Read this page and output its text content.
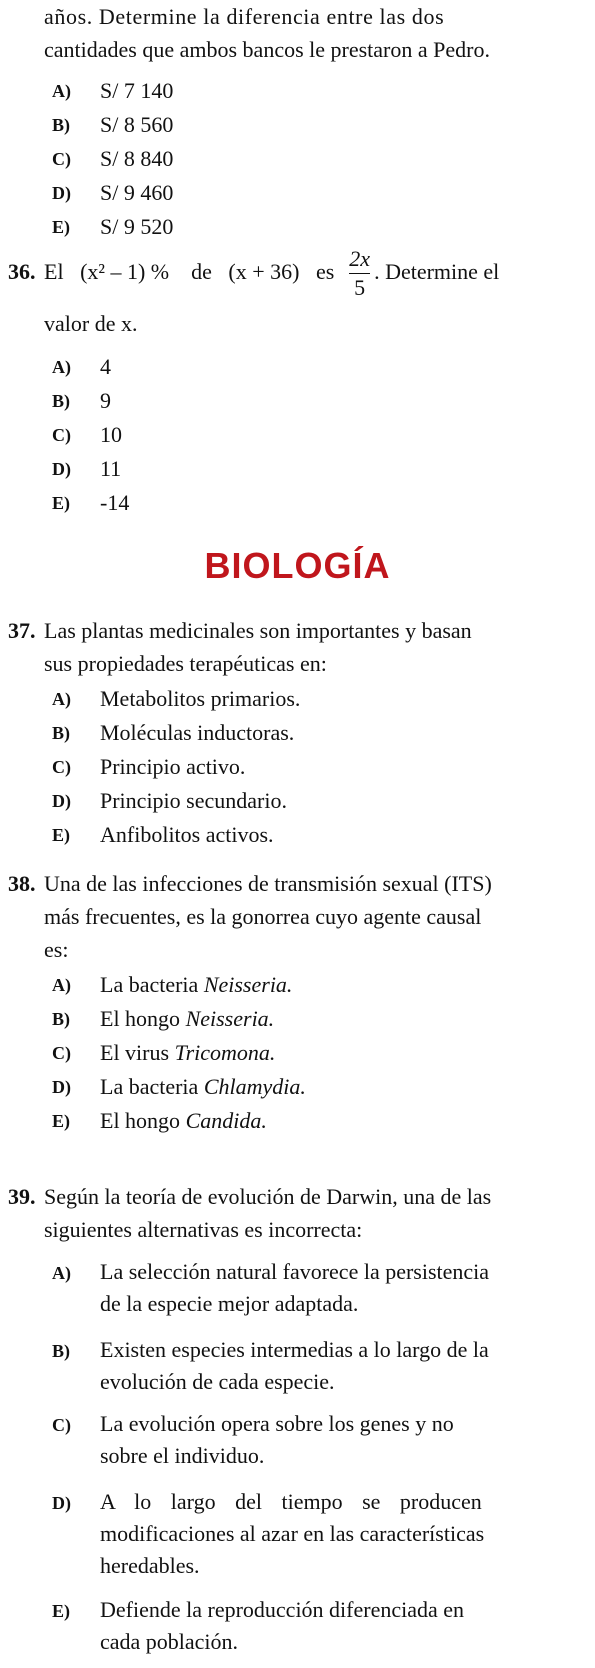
años. Determine la diferencia entre las dos
cantidades que ambos bancos le prestaron a Pedro.
A) S/ 7 140
B) S/ 8 560
C) S/ 8 840
D) S/ 9 460
E) S/ 9 520
36. El (x² – 1) % de (x + 36) es $\frac{2x}{5}$ . Determine el
valor de x.
A) 4
B) 9
C) 10
D) 11
E) -14
BIOLOGÍA
37. Las plantas medicinales son importantes y basan
sus propiedades terapéuticas en:
A) Metabolitos primarios.
B) Moléculas inductoras.
C) Principio activo.
D) Principio secundario.
E) Anfibolitos activos.
38. Una de las infecciones de transmisión sexual (ITS)
más frecuentes, es la gonorrea cuyo agente causal
es:
A) La bacteria Neisseria.
B) El hongo Neisseria.
C) El virus Tricomona.
D) La bacteria Chlamydia.
E) El hongo Candida.
39. Según la teoría de evolución de Darwin, una de las
siguientes alternativas es incorrecta:
A) La selección natural favorece la persistencia
de la especie mejor adaptada.
B) Existen especies intermedias a lo largo de la
evolución de cada especie.
C) La evolución opera sobre los genes y no
sobre el individuo.
D) A lo largo del tiempo se producen
modificaciones al azar en las características
heredables.
E) Defiende la reproducción diferenciada en
cada población.
